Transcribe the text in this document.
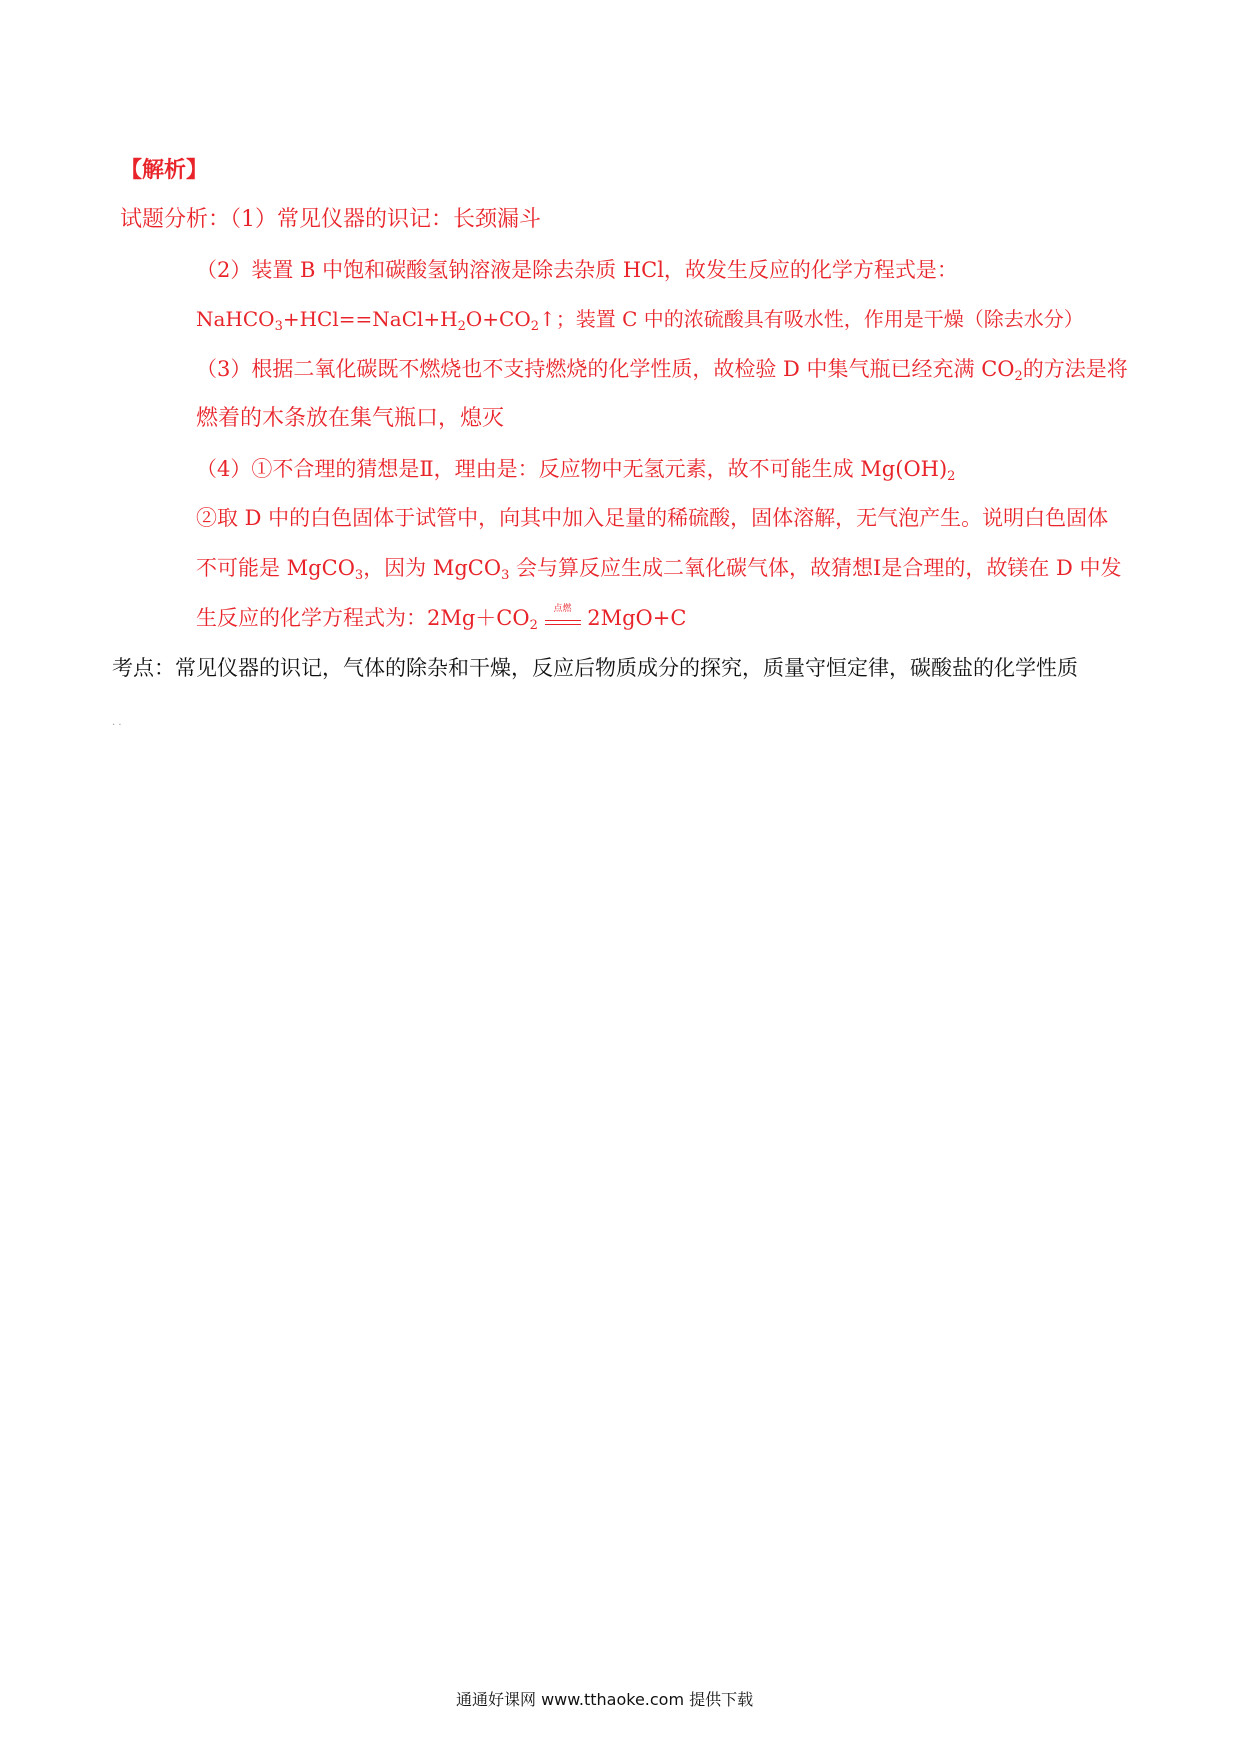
【解析】
试题分析：（1）常见仪器的识记：长颈漏斗
（2）装置 B 中饱和碳酸氢钠溶液是除去杂质 HCl，故发生反应的化学方程式是：
$NaHCO_3+HCl==NaCl+H_2O+CO_2↑$；装置 C 中的浓硫酸具有吸水性，作用是干燥（除去水分）
（3）根据二氧化碳既不燃烧也不支持燃烧的化学性质，故检验 D 中集气瓶已经充满 $CO_2$的方法是将
燃着的木条放在集气瓶口，熄灭
（4）①不合理的猜想是Ⅱ，理由是：反应物中无氢元素，故不可能生成 $Mg(OH)_2$
②取 D 中的白色固体于试管中，向其中加入足量的稀硫酸，固体溶解，无气泡产生。说明白色固体
不可能是 MgCO$_3$，因为 MgCO$_3$ 会与算反应生成二氧化碳气体，故猜想Ⅰ是合理的，故镁在 D 中发
生反应的化学方程式为：$2Mg+CO_2$
点燃 2MgO+C
考点：常见仪器的识记，气体的除杂和干燥，反应后物质成分的探究，质量守恒定律，碳酸盐的化学性质
· ·
通通好课网 www.tthaoke.com 提供下载
